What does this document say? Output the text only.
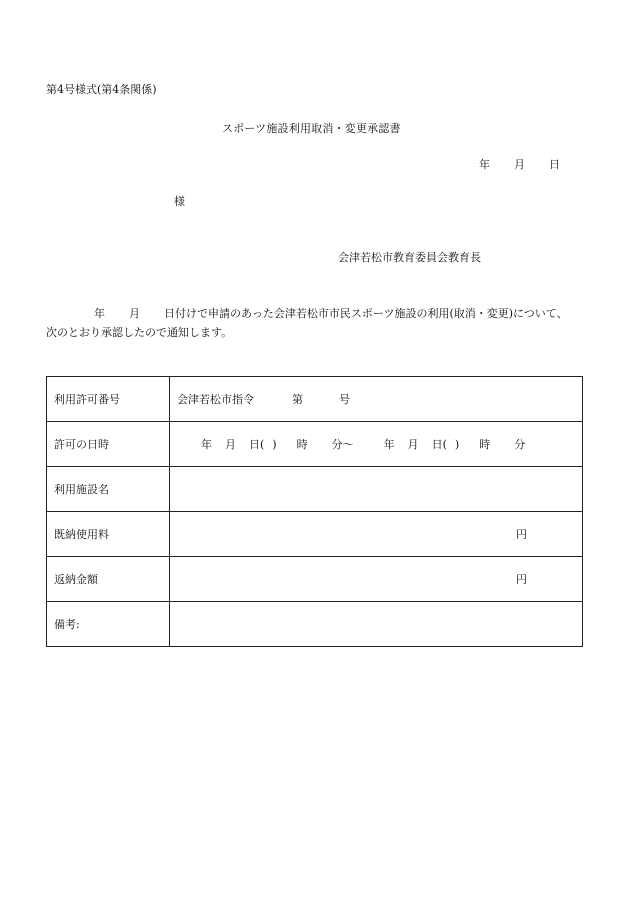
第4号様式(第4条関係)
スポーツ施設利用取消・変更承認書
年 月 日
様
会津若松市教育委員会教育長
年 月 日付けで申請のあった会津若松市市民スポーツ施設の利用(取消・変更)について、
次のとおり承認したので通知します。
利用許可番号	会津若松市指令 第 号
許可の日時	年 月 日( ) 時 分〜 年 月 日( ) 時 分
利用施設名	
既納使用料	円

返納金額	円

備考:	
